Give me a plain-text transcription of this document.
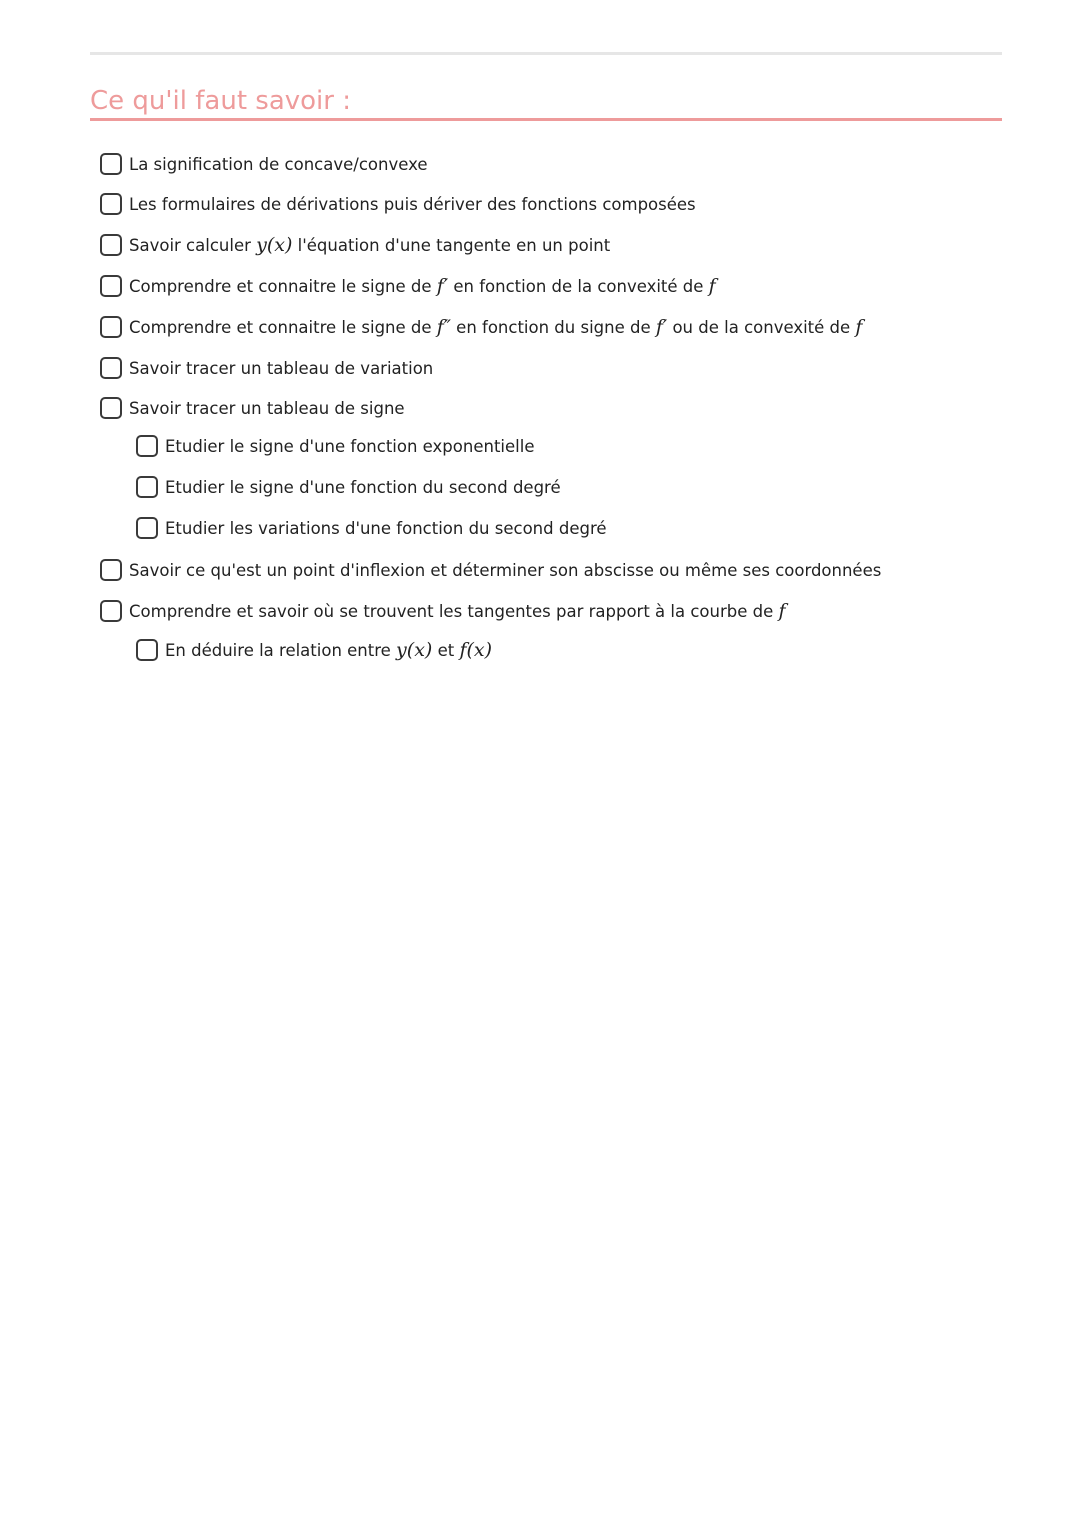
Ce qu'il faut savoir :
La signification de concave/convexe
Les formulaires de dérivations puis dériver des fonctions composées
Savoir calculer y(x) l'équation d'une tangente en un point
Comprendre et connaitre le signe de f′ en fonction de la convexité de f
Comprendre et connaitre le signe de f″ en fonction du signe de f′ ou de la convexité de f
Savoir tracer un tableau de variation
Savoir tracer un tableau de signe
Etudier le signe d'une fonction exponentielle
Etudier le signe d'une fonction du second degré
Etudier les variations d'une fonction du second degré
Savoir ce qu'est un point d'inflexion et déterminer son abscisse ou même ses coordonnées
Comprendre et savoir où se trouvent les tangentes par rapport à la courbe de f
En déduire la relation entre y(x) et f(x)
